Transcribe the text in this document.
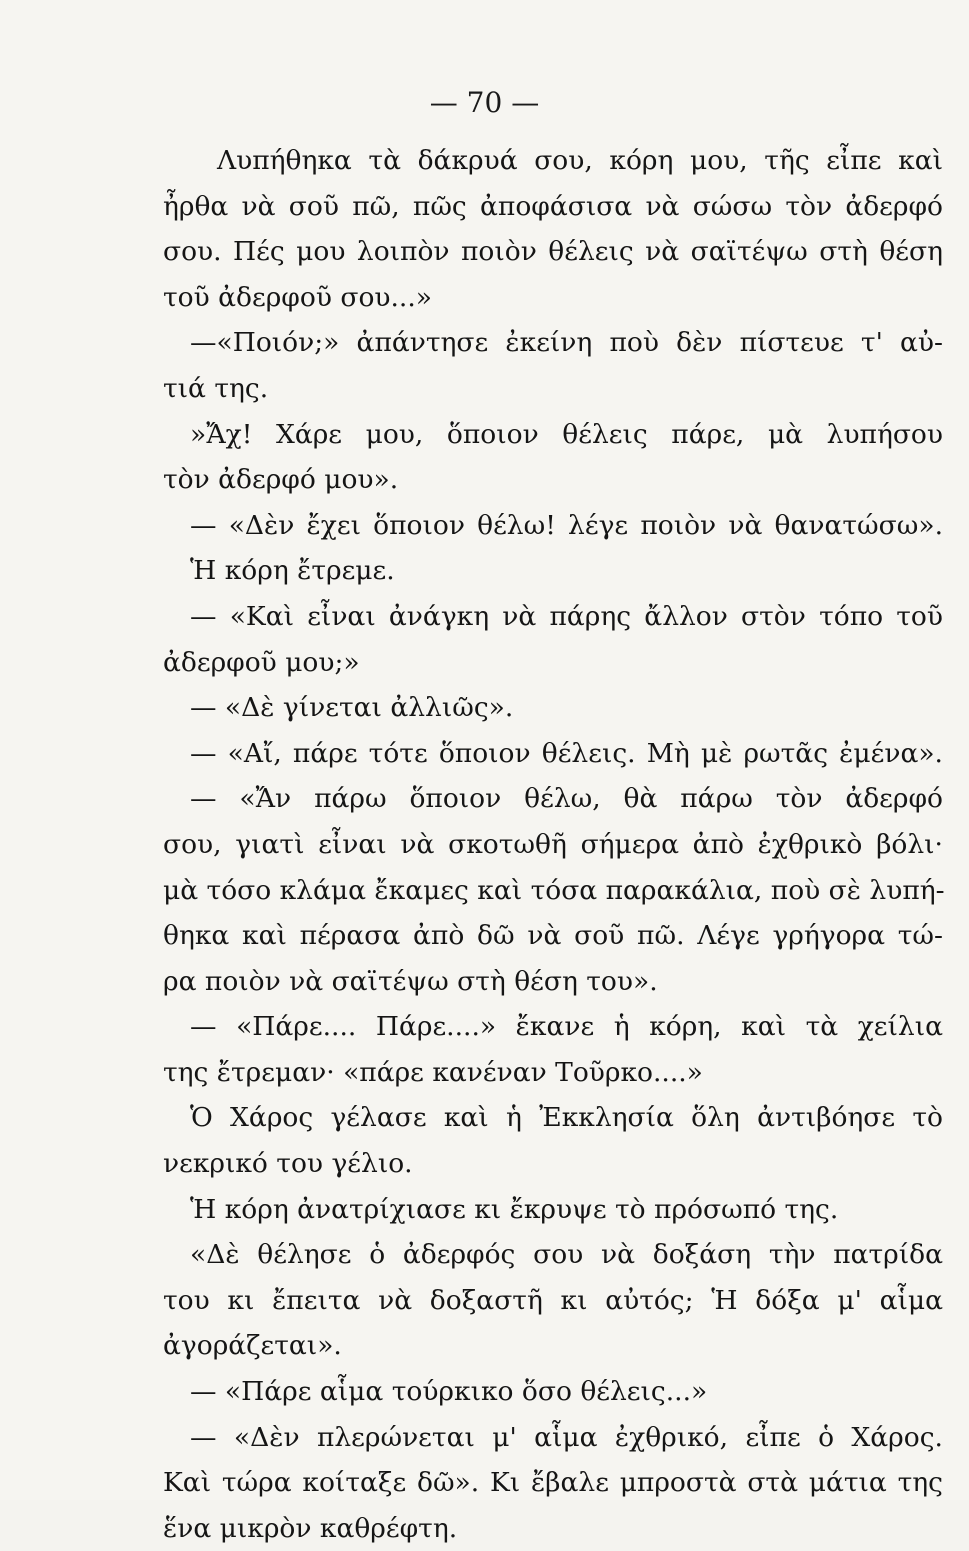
— 70 —
Λυπήθηκα τὰ δάκρυά σου, κόρη μου, τῆς εἶπε καὶ
ἦρθα νὰ σοῦ πῶ, πῶς ἀποφάσισα νὰ σώσω τὸν ἀδερφό
σου. Πές μου λοιπὸν ποιὸν θέλεις νὰ σαϊτέψω στὴ θέση
τοῦ ἀδερφοῦ σου...»
—«Ποιόν;» ἀπάντησε ἐκείνη ποὺ δὲν πίστευε τ' αὐ-
τιά της.
»Ἄχ! Χάρε μου, ὅποιον θέλεις πάρε, μὰ λυπήσου
τὸν ἀδερφό μου».
— «Δὲν ἔχει ὅποιον θέλω! λέγε ποιὸν νὰ θανατώσω».
Ἡ κόρη ἔτρεμε.
— «Καὶ εἶναι ἀνάγκη νὰ πάρης ἄλλον στὸν τόπο τοῦ
ἀδερφοῦ μου;»
— «Δὲ γίνεται ἀλλιῶς».
— «Αἴ, πάρε τότε ὅποιον θέλεις. Μὴ μὲ ρωτᾶς ἐμένα».
— «Ἄν πάρω ὅποιον θέλω, θὰ πάρω τὸν ἀδερφό
σου, γιατὶ εἶναι νὰ σκοτωθῆ σήμερα ἀπὸ ἐχθρικὸ βόλι·
μὰ τόσο κλάμα ἔκαμες καὶ τόσα παρακάλια, ποὺ σὲ λυπή-
θηκα καὶ πέρασα ἀπὸ δῶ νὰ σοῦ πῶ. Λέγε γρήγορα τώ-
ρα ποιὸν νὰ σαϊτέψω στὴ θέση του».
— «Πάρε.... Πάρε....» ἔκανε ἡ κόρη, καὶ τὰ χείλια
της ἔτρεμαν· «πάρε κανέναν Τοῦρκο....»
Ὁ Χάρος γέλασε καὶ ἡ Ἐκκλησία ὅλη ἀντιβόησε τὸ
νεκρικό του γέλιο.
Ἡ κόρη ἀνατρίχιασε κι ἔκρυψε τὸ πρόσωπό της.
«Δὲ θέλησε ὁ ἀδερφός σου νὰ δοξάση τὴν πατρίδα
του κι ἔπειτα νὰ δοξαστῆ κι αὐτός; Ἡ δόξα μ' αἷμα
ἀγοράζεται».
— «Πάρε αἷμα τούρκικο ὅσο θέλεις...»
— «Δὲν πλερώνεται μ' αἷμα ἐχθρικό, εἶπε ὁ Χάρος.
Καὶ τώρα κοίταξε δῶ». Κι ἔβαλε μπροστὰ στὰ μάτια της
ἕνα μικρὸν καθρέφτη.
